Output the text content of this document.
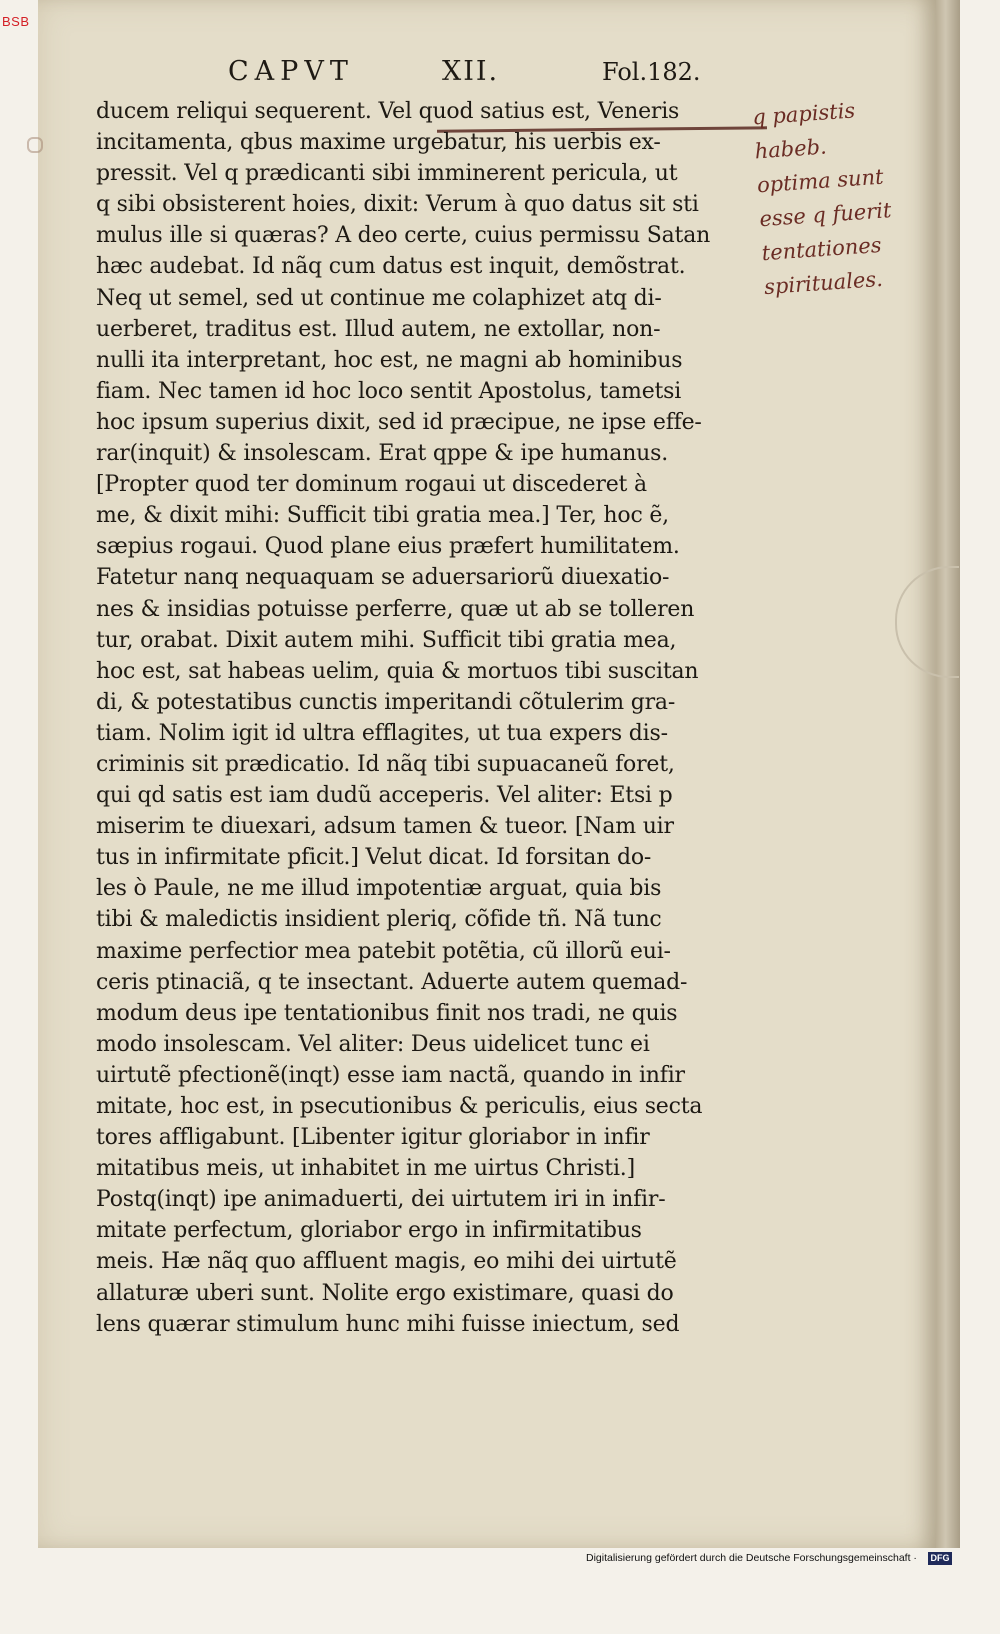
BSB
CAPVT	XII.	Fol.182.
ducem reliqui sequerent. Vel quod satius est, Veneris
incitamenta, qbus maxime urgebatur, his uerbis ex-
pressit. Vel q prædicanti sibi imminerent pericula, ut
q sibi obsisterent hoies, dixit: Verum à quo datus sit sti
mulus ille si quæras? A deo certe, cuius permissu Satan
hæc audebat. Id nãq cum datus est inquit, demõstrat.
Neq ut semel, sed ut continue me colaphizet atq di-
uerberet, traditus est. Illud autem, ne extollar, non-
nulli ita interpretant, hoc est, ne magni ab hominibus
fiam. Nec tamen id hoc loco sentit Apostolus, tametsi
hoc ipsum superius dixit, sed id præcipue, ne ipse effe-
rar(inquit) & insolescam. Erat qppe & ipe humanus.
[Propter quod ter dominum rogaui ut discederet à
me, & dixit mihi: Sufficit tibi gratia mea.] Ter, hoc ẽ,
sæpius rogaui. Quod plane eius præfert humilitatem.
Fatetur nanq nequaquam se aduersariorũ diuexatio-
nes & insidias potuisse perferre, quæ ut ab se tolleren
tur, orabat. Dixit autem mihi. Sufficit tibi gratia mea,
hoc est, sat habeas uelim, quia & mortuos tibi suscitan
di, & potestatibus cunctis imperitandi cõtulerim gra-
tiam. Nolim igit id ultra efflagites, ut tua expers dis-
criminis sit prædicatio. Id nãq tibi supuacaneũ foret,
qui qd satis est iam dudũ acceperis. Vel aliter: Etsi p
miserim te diuexari, adsum tamen & tueor. [Nam uir
tus in infirmitate pficit.] Velut dicat. Id forsitan do-
les ò Paule, ne me illud impotentiæ arguat, quia bis
tibi & maledictis insidient pleriq, cõfide tñ. Nã tunc
maxime perfectior mea patebit potẽtia, cũ illorũ eui-
ceris ptinaciã, q te insectant. Aduerte autem quemad-
modum deus ipe tentationibus finit nos tradi, ne quis
modo insolescam. Vel aliter: Deus uidelicet tunc ei
uirtutẽ pfectionẽ(inqt) esse iam nactã, quando in infir
mitate, hoc est, in psecutionibus & periculis, eius secta
tores affligabunt. [Libenter igitur gloriabor in infir
mitatibus meis, ut inhabitet in me uirtus Christi.]
Postq(inqt) ipe animaduerti, dei uirtutem iri in infir-
mitate perfectum, gloriabor ergo in infirmitatibus
meis. Hæ nãq quo affluent magis, eo mihi dei uirtutẽ
allaturæ uberi sunt. Nolite ergo existimare, quasi do
lens quærar stimulum hunc mihi fuisse iniectum, sed
q papistis
habeb.
optima sunt
esse q fuerit
tentationes
spirituales.
Digitalisierung gefördert durch die Deutsche Forschungsgemeinschaft · DFG
